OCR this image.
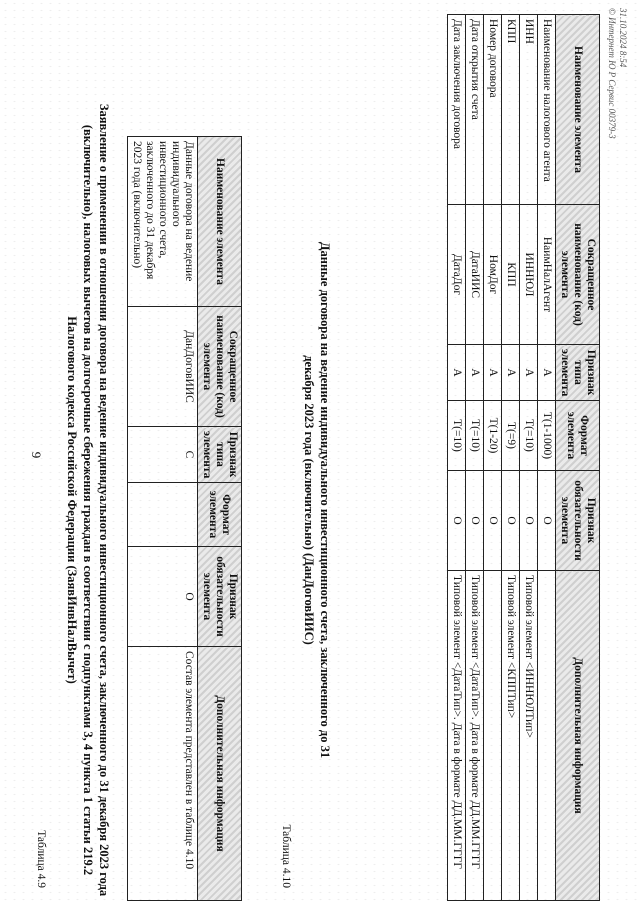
9
Таблица 4.9	Заявление о применении в отношении договора на ведение индивидуального инвестиционного счета, заключенного до 31 декабря 2023 года (включительно), налоговых вычетов на долгосрочные сбережения граждан в соответствии с подпунктами 3, 4 пункта 1 статьи 219.2 Налогового кодекса Российской Федерации (ЗаявИнвНалВычет)
Наименование элемента	Сокращенное наименование (код) элемента	Признак типа элемента	Формат элемента	Признак обязательности элемента	Дополнительная информация
Данные договора на ведение индивидуального инвестиционного счета, заключенного до 31 декабря 2023 года (включительно)	ДанДоговИИС	С		О	Состав элемента представлен в таблице 4.10	Таблица 4.10
Данные договора на ведение индивидуального инвестиционного счета, заключенного до 31 декабря 2023 года (включительно) (ДанДоговИИС)
Наименование элемента	Сокращенное наименование (код) элемента	Признак типа элемента	Формат элемента	Признак обязательности элемента	Дополнительная информация
Наименование налогового агента	НаимНалАгент	А	T(1-1000)	О	
ИНН	ИННЮЛ	А	T(=10)	О	Типовой элемент <ИННЮЛТип>
КПП	КПП	А	T(=9)	О	Типовой элемент <КППТип>
Номер договора	НомДог	А	T(1-20)	О	
Дата открытия счета	ДатаИИС	А	T(=10)	О	Типовой элемент <ДатаТип>. Дата в формате ДД.ММ.ГГГГ
Дата заключения договора	ДатаДог	А	T(=10)	О	Типовой элемент <ДатаТип>. Дата в формате ДД.ММ.ГГГГ
31.10.2024 8:54
© Интернет Ю Р Сервис 00379-3
